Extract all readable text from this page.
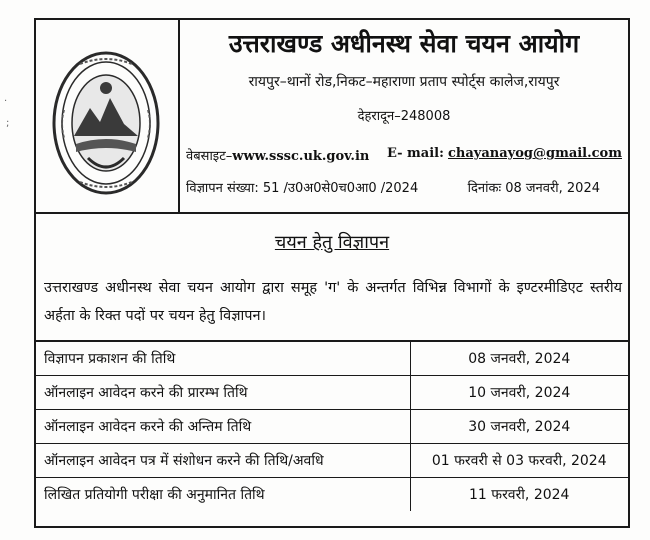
·
;
उत्तराखण्ड अधीनस्थ सेवा चयन आयोग
रायपुर–थानों रोड,निकट–महाराणा प्रताप स्पोर्ट्स कालेज,रायपुर
देहरादून–248008
वेबसाइट–www.sssc.uk.gov.in E- mail: chayanayog@gmail.com
विज्ञापन संख्या: 51 /उ0अ0से0च0आ0 /2024	दिनांकः 08 जनवरी, 2024
चयन हेतु विज्ञापन
उत्तराखण्ड अधीनस्थ सेवा चयन आयोग द्वारा समूह 'ग' के अन्तर्गत विभिन्न विभागों के इण्टरमीडिएट स्तरीय अर्हता के रिक्त पदों पर चयन हेतु विज्ञापन।
विज्ञापन प्रकाशन की तिथि	08 जनवरी, 2024
ऑनलाइन आवेदन करने की प्रारम्भ तिथि	10 जनवरी, 2024
ऑनलाइन आवेदन करने की अन्तिम तिथि	30 जनवरी, 2024
ऑनलाइन आवेदन पत्र में संशोधन करने की तिथि/अवधि	01 फरवरी से 03 फरवरी, 2024
लिखित प्रतियोगी परीक्षा की अनुमानित तिथि	11 फरवरी, 2024
